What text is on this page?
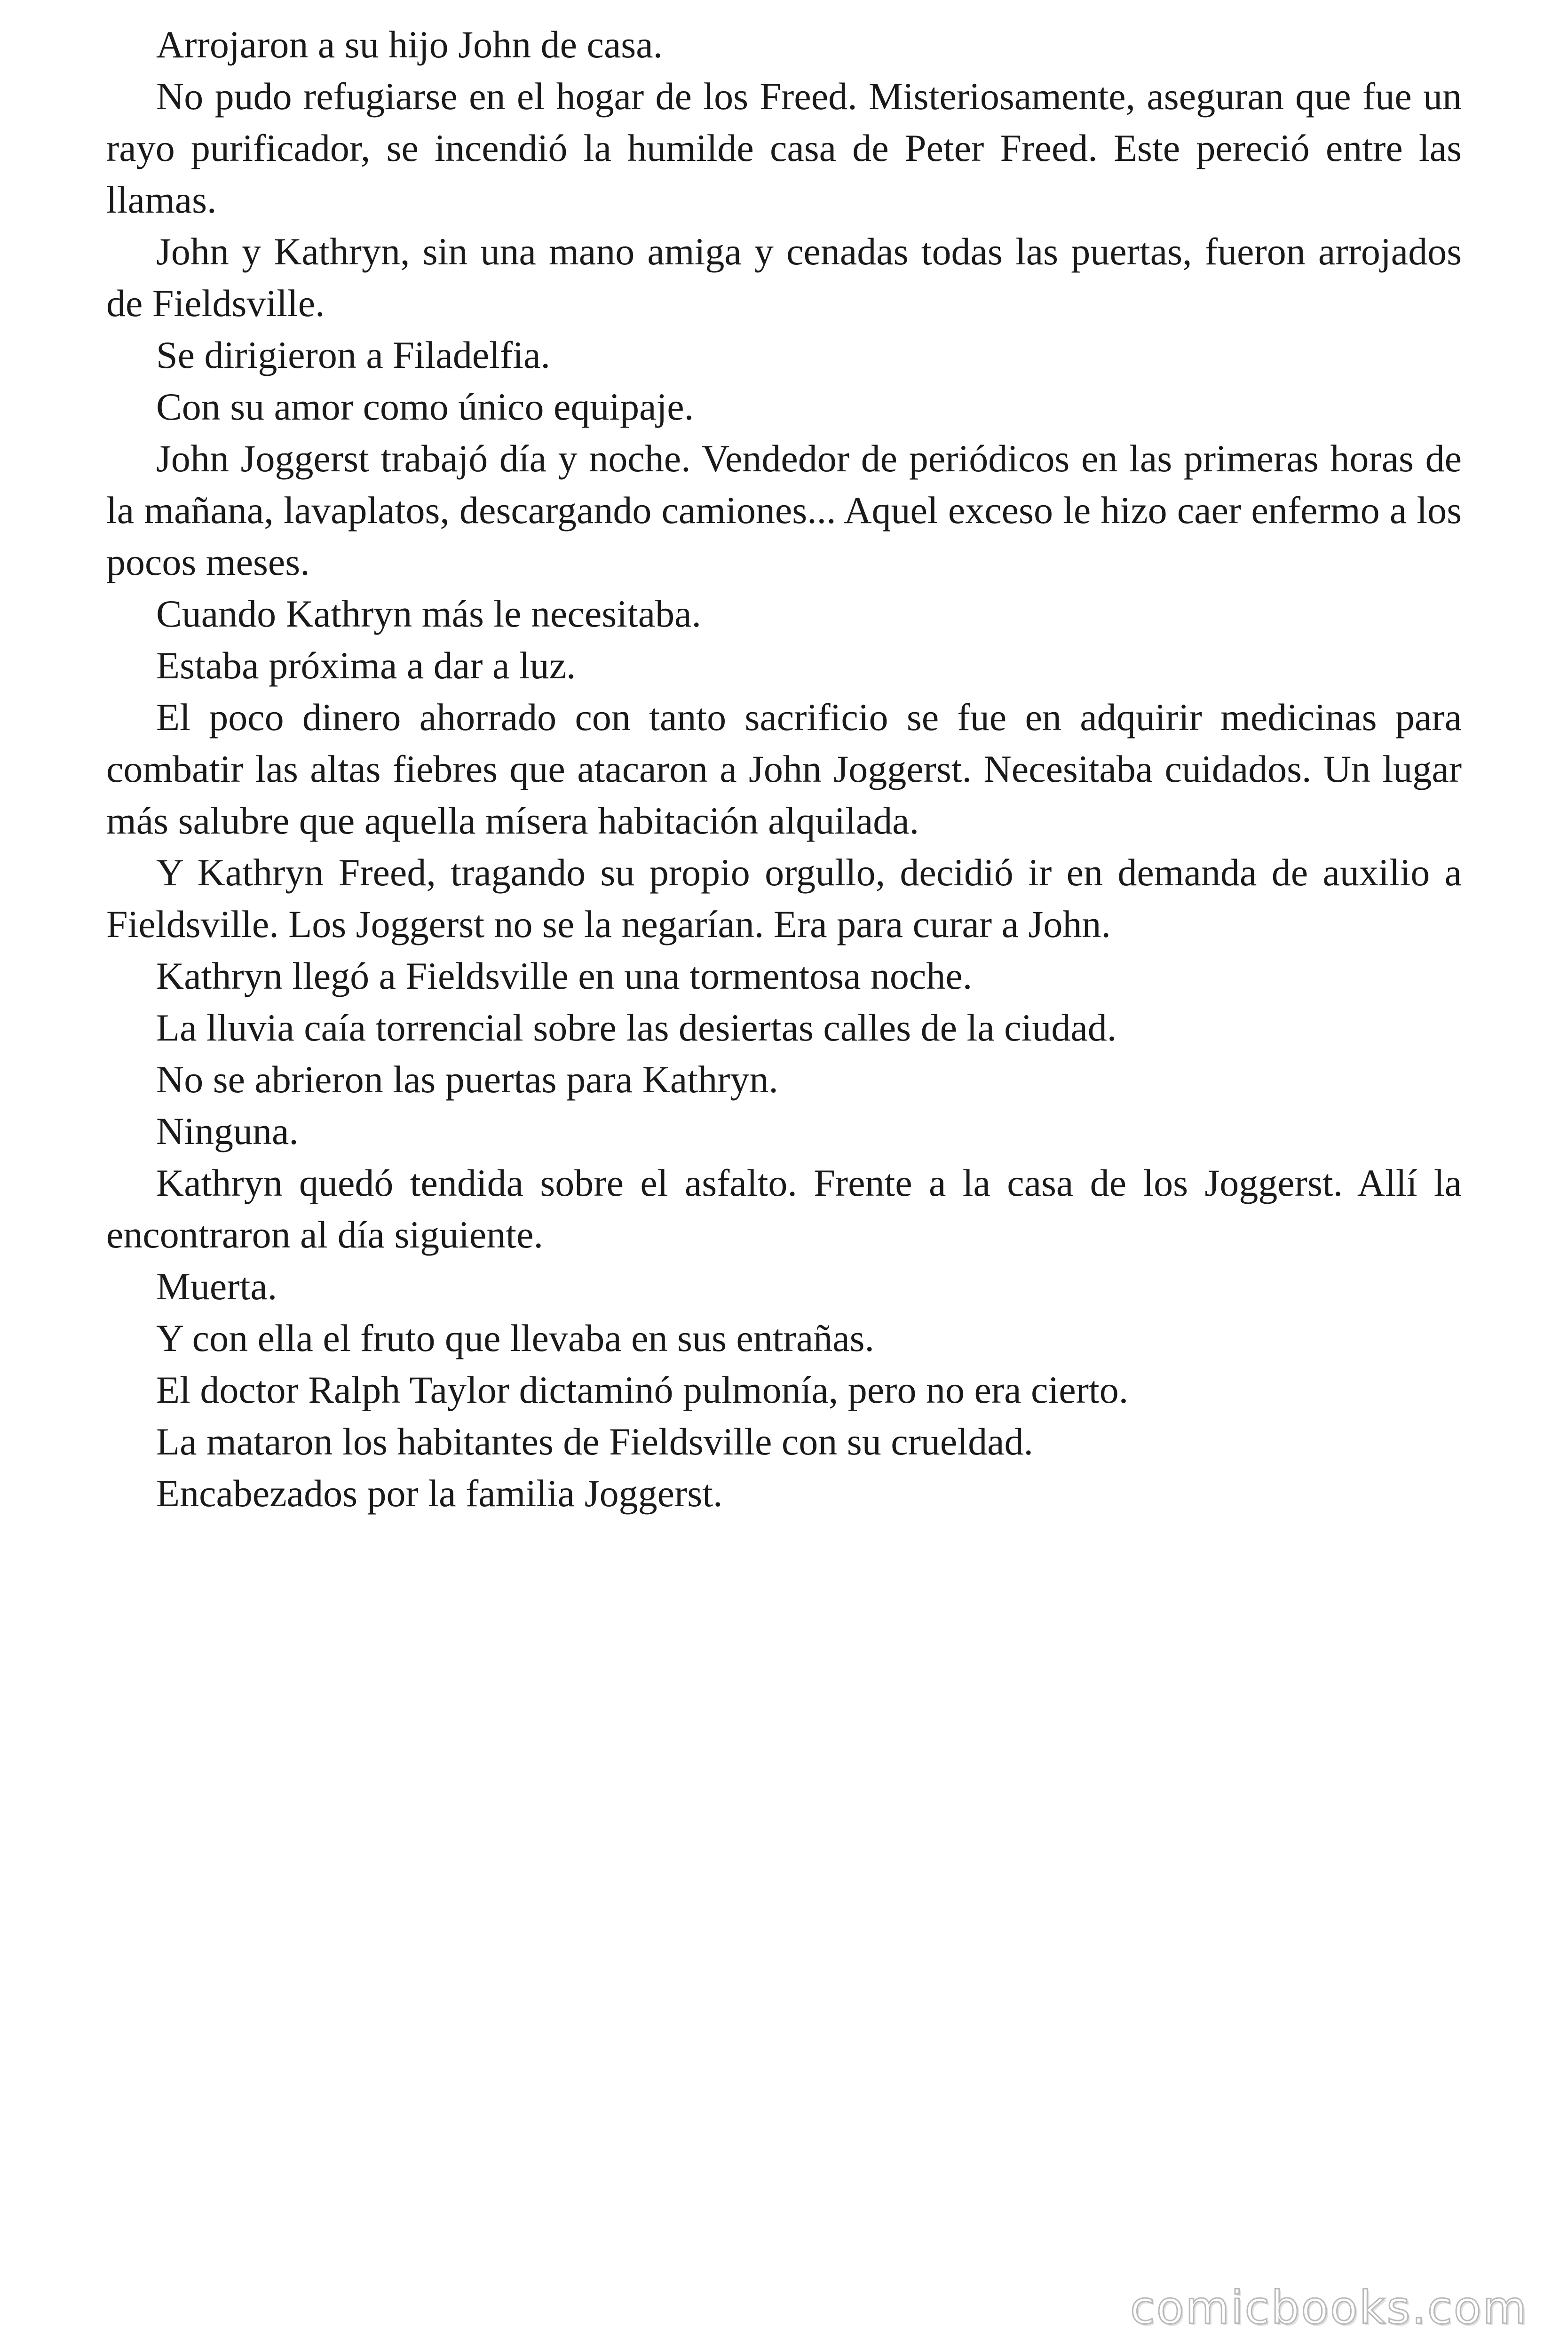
Arrojaron a su hijo John de casa.

No pudo refugiarse en el hogar de los Freed. Misteriosamente, aseguran que fue un rayo purificador, se incendió la humilde casa de Peter Freed. Este pereció entre las llamas.

John y Kathryn, sin una mano amiga y cenadas todas las puertas, fueron arrojados de Fieldsville.

Se dirigieron a Filadelfia.

Con su amor como único equipaje.

John Joggerst trabajó día y noche. Vendedor de periódicos en las primeras horas de la mañana, lavaplatos, descargando camiones... Aquel exceso le hizo caer enfermo a los pocos meses.

Cuando Kathryn más le necesitaba.

Estaba próxima a dar a luz.

El poco dinero ahorrado con tanto sacrificio se fue en adquirir medicinas para combatir las altas fiebres que atacaron a John Joggerst. Necesitaba cuidados. Un lugar más salubre que aquella mísera habitación alquilada.

Y Kathryn Freed, tragando su propio orgullo, decidió ir en demanda de auxilio a Fieldsville. Los Joggerst no se la negarían. Era para curar a John.

Kathryn llegó a Fieldsville en una tormentosa noche.

La lluvia caía torrencial sobre las desiertas calles de la ciudad.

No se abrieron las puertas para Kathryn.

Ninguna.

Kathryn quedó tendida sobre el asfalto. Frente a la casa de los Joggerst. Allí la encontraron al día siguiente.

Muerta.

Y con ella el fruto que llevaba en sus entrañas.

El doctor Ralph Taylor dictaminó pulmonía, pero no era cierto.

La mataron los habitantes de Fieldsville con su crueldad.

Encabezados por la familia Joggerst.

comicbooks.com
